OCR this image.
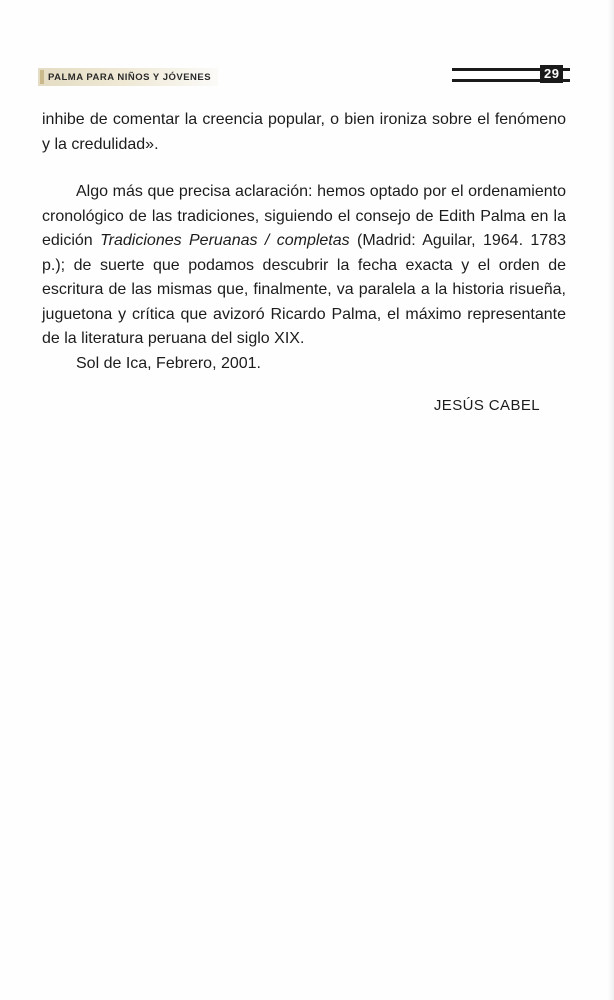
PALMA PARA NIÑOS Y JÓVENES	29

inhibe de comentar la creencia popular, o bien ironiza sobre el fenómeno y la credulidad».

Algo más que precisa aclaración: hemos optado por el ordenamiento cronológico de las tradiciones, siguiendo el consejo de Edith Palma en la edición Tradiciones Peruanas / completas (Madrid: Aguilar, 1964. 1783 p.); de suerte que podamos descubrir la fecha exacta y el orden de escritura de las mismas que, finalmente, va paralela a la historia risueña, juguetona y crítica que avizoró Ricardo Palma, el máximo representante de la literatura peruana del siglo XIX.

Sol de Ica, Febrero, 2001.
JESÚS CABEL
